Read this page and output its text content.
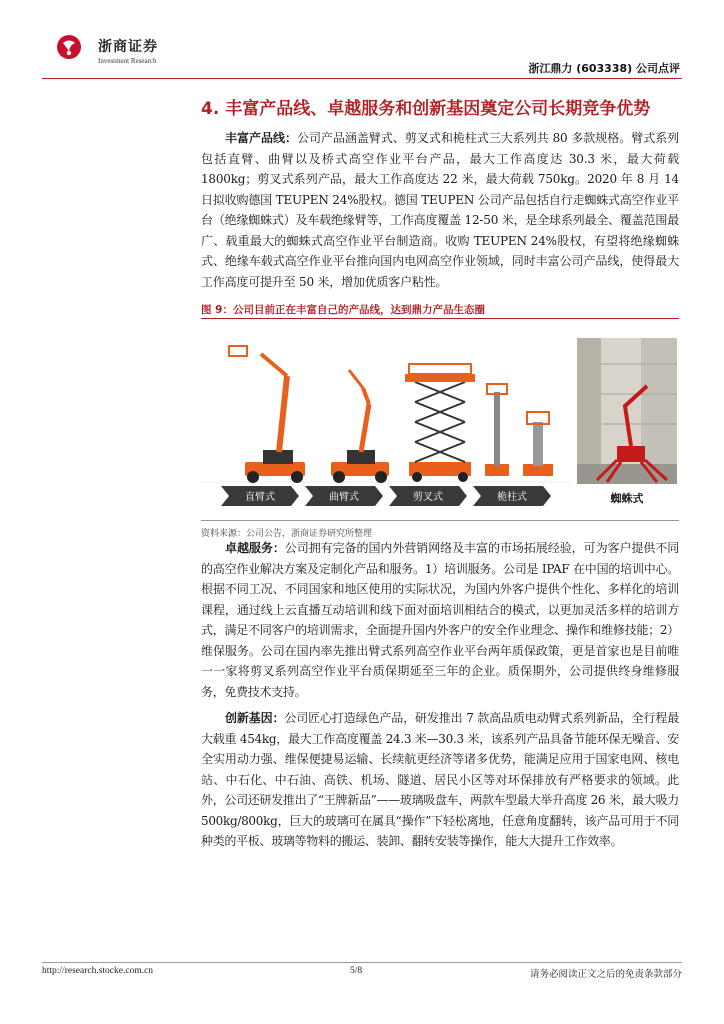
浙商证券
Investment Research
浙江鼎力 (603338) 公司点评
4. 丰富产品线、卓越服务和创新基因奠定公司长期竞争优势
丰富产品线：公司产品涵盖臂式、剪叉式和桅柱式三大系列共 80 多款规格。臂式系列包括直臂、曲臂以及桥式高空作业平台产品，最大工作高度达 30.3 米，最大荷载 1800kg；剪叉式系列产品，最大工作高度达 22 米，最大荷载 750kg。2020 年 8 月 14 日拟收购德国 TEUPEN 24%股权。德国 TEUPEN 公司产品包括自行走蜘蛛式高空作业平台（绝缘蜘蛛式）及车载绝缘臂等，工作高度覆盖 12-50 米，是全球系列最全、覆盖范围最广、载重最大的蜘蛛式高空作业平台制造商。收购 TEUPEN 24%股权，有望将绝缘蜘蛛式、绝缘车载式高空作业平台推向国内电网高空作业领域，同时丰富公司产品线，使得最大工作高度可提升至 50 米，增加优质客户粘性。
图 9：公司目前正在丰富自己的产品线，达到鼎力产品生态圈
直臂式	曲臂式	剪叉式	桅柱式	蜘蛛式
资料来源：公司公告，浙商证券研究所整理
卓越服务：公司拥有完备的国内外营销网络及丰富的市场拓展经验，可为客户提供不同的高空作业解决方案及定制化产品和服务。1）培训服务。公司是 IPAF 在中国的培训中心。根据不同工况、不同国家和地区使用的实际状况，为国内外客户提供个性化、多样化的培训课程，通过线上云直播互动培训和线下面对面培训相结合的模式，以更加灵活多样的培训方式，满足不同客户的培训需求，全面提升国内外客户的安全作业理念、操作和维修技能；2）维保服务。公司在国内率先推出臂式系列高空作业平台两年质保政策，更是首家也是目前唯一一家将剪叉系列高空作业平台质保期延至三年的企业。质保期外，公司提供终身维修服务，免费技术支持。
创新基因：公司匠心打造绿色产品，研发推出 7 款高品质电动臂式系列新品，全行程最大载重 454kg，最大工作高度覆盖 24.3 米—30.3 米，该系列产品具备节能环保无噪音、安全实用动力强、维保便捷易运输、长续航更经济等诸多优势，能满足应用于国家电网、核电站、中石化、中石油、高铁、机场、隧道、居民小区等对环保排放有严格要求的领域。此外，公司还研发推出了“王牌新品”——玻璃吸盘车，两款车型最大举升高度 26 米，最大吸力 500kg/800kg，巨大的玻璃可在属具“操作”下轻松离地，任意角度翻转，该产品可用于不同种类的平板、玻璃等物料的搬运、装卸、翻转安装等操作，能大大提升工作效率。
http://research.stocke.com.cn	5/8	请务必阅读正文之后的免责条款部分
